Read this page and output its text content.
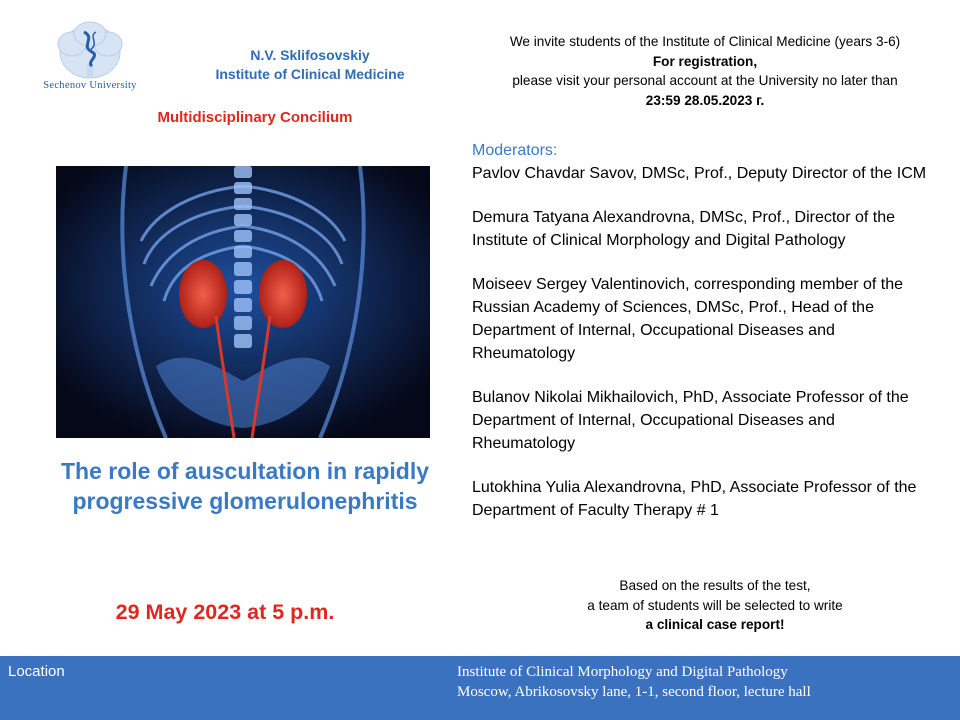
Sechenov University
N.V. Sklifosovskiy
Institute of Clinical Medicine
Multidisciplinary Concilium
The role of auscultation in rapidly
progressive glomerulonephritis
29 May 2023 at 5 p.m.
We invite students of the Institute of Clinical Medicine (years 3-6)
For registration,
please visit your personal account at the University no later than
23:59 28.05.2023 г.
Moderators:
Pavlov Chavdar Savov, DMSc, Prof., Deputy Director of the ICM
Demura Tatyana Alexandrovna, DMSc, Prof., Director of the Institute of Clinical Morphology and Digital Pathology
Moiseev Sergey Valentinovich, corresponding member of the Russian Academy of Sciences, DMSc, Prof., Head of the Department of Internal, Occupational Diseases and Rheumatology
Bulanov Nikolai Mikhailovich, PhD, Associate Professor of the Department of Internal, Occupational Diseases and Rheumatology
Lutokhina Yulia Alexandrovna, PhD, Associate Professor of the Department of Faculty Therapy # 1
Based on the results of the test,
a team of students will be selected to write
a clinical case report!
Location	Institute of Clinical Morphology and Digital Pathology
Moscow, Abrikosovsky lane, 1-1, second floor, lecture hall
